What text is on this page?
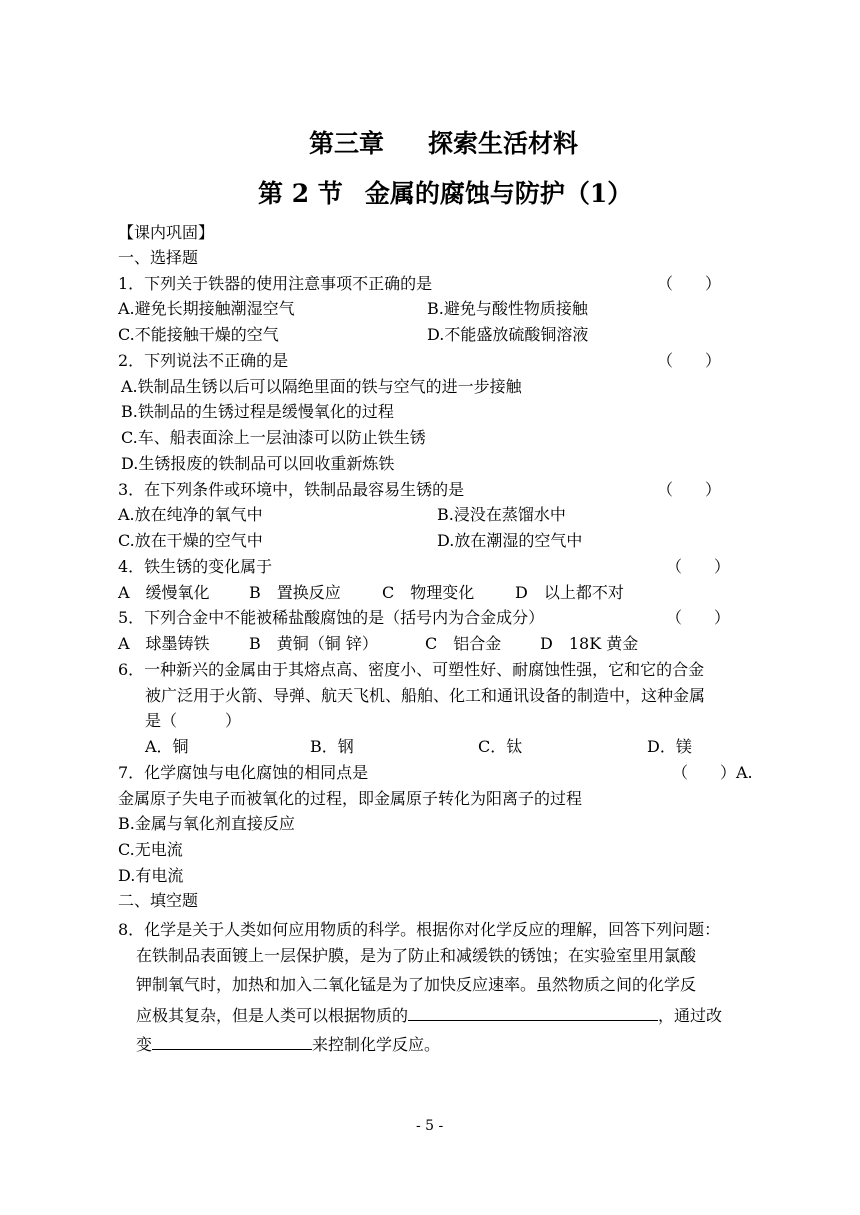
第三章 探索生活材料
第 2 节 金属的腐蚀与防护（1）
【课内巩固】
一、选择题
1．下列关于铁器的使用注意事项不正确的是	（　　）
A.避免长期接触潮湿空气	B.避免与酸性物质接触
C.不能接触干燥的空气	D.不能盛放硫酸铜溶液
2．下列说法不正确的是	（　　）
A.铁制品生锈以后可以隔绝里面的铁与空气的进一步接触
B.铁制品的生锈过程是缓慢氧化的过程
C.车、船表面涂上一层油漆可以防止铁生锈
D.生锈报废的铁制品可以回收重新炼铁
3．在下列条件或环境中，铁制品最容易生锈的是	（　　）
A.放在纯净的氧气中	B.浸没在蒸馏水中
C.放在干燥的空气中	D.放在潮湿的空气中
4．铁生锈的变化属于	（　　）
A　缓慢氧化 B　置换反应	C　物理变化	D　以上都不对
5．下列合金中不能被稀盐酸腐蚀的是（括号内为合金成分）	（　　）
A　球墨铸铁 B　黄铜（铜 锌）	C　铝合金 D　18K 黄金
6．一种新兴的金属由于其熔点高、密度小、可塑性好、耐腐蚀性强，它和它的合金
被广泛用于火箭、导弹、航天飞机、船舶、化工和通讯设备的制造中，这种金属
是（　　　）
A．铜	B．钢	C．钛	D．镁
7．化学腐蚀与电化腐蚀的相同点是	（　　）A.
金属原子失电子而被氧化的过程，即金属原子转化为阳离子的过程
B.金属与氧化剂直接反应
C.无电流
D.有电流
二、填空题
8．化学是关于人类如何应用物质的科学。根据你对化学反应的理解，回答下列问题：
在铁制品表面镀上一层保护膜，是为了防止和减缓铁的锈蚀；在实验室里用氯酸
钾制氧气时，加热和加入二氧化锰是为了加快反应速率。虽然物质之间的化学反
应极其复杂，但是人类可以根据物质的	，通过改
变	来控制化学反应。
- 5 -
